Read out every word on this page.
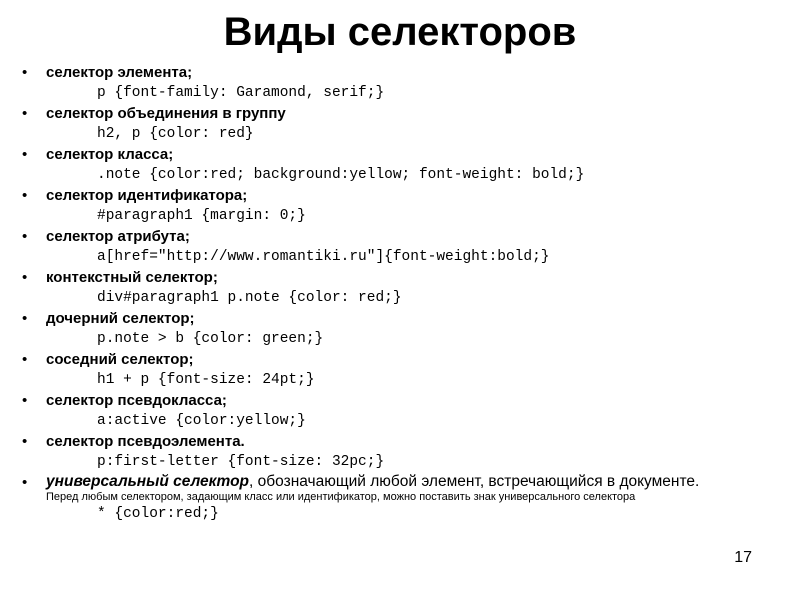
Виды селекторов
• селектор элемента;
p {font-family: Garamond, serif;}
• селектор объединения в группу
h2, p {color: red}
• селектор класса;
.note {color:red; background:yellow; font-weight: bold;}
• селектор идентификатора;
#paragraph1 {margin: 0;}
• селектор атрибута;
a[href="http://www.romantiki.ru"]{font-weight:bold;}
• контекстный селектор;
div#paragraph1 p.note {color: red;}
• дочерний селектор;
p.note > b {color: green;}
• соседний селектор;
h1 + p {font-size: 24pt;}
• селектор псевдокласса;
a:active {color:yellow;}
• селектор псевдоэлемента.
p:first-letter {font-size: 32pc;}
• универсальный селектор, обозначающий любой элемент, встречающийся в документе.
Перед любым селектором, задающим класс или идентификатор, можно поставить знак универсального селектора
* {color:red;}
17
